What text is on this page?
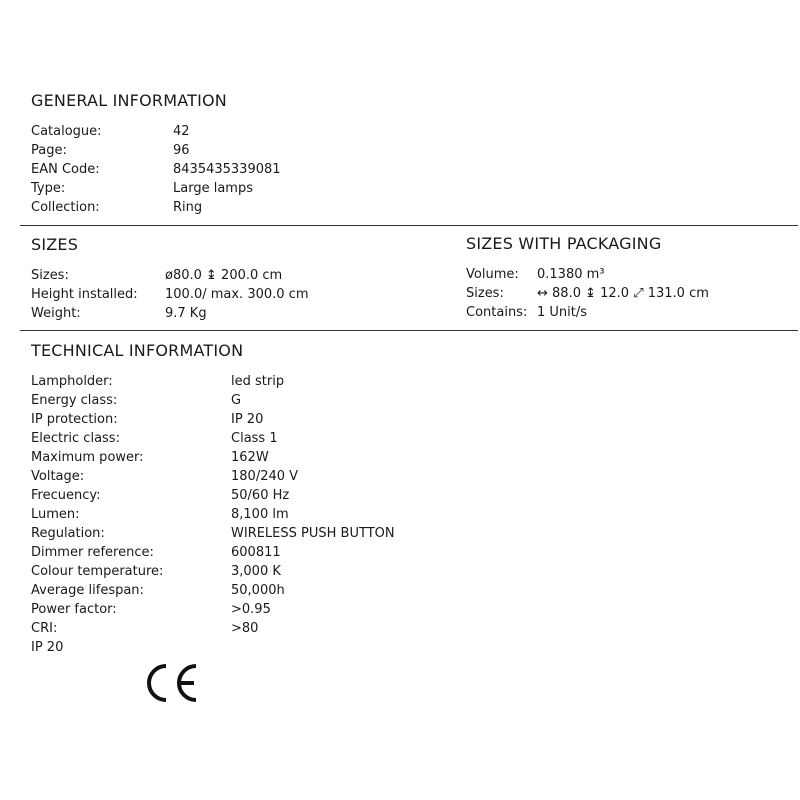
GENERAL INFORMATION
Catalogue:	42
Page:	96
EAN Code:	8435435339081
Type:	Large lamps
Collection:	Ring
SIZES
Sizes:	ø80.0 ↨ 200.0 cm
Height installed: 100.0/ max. 300.0 cm
Weight:	9.7 Kg
SIZES WITH PACKAGING
Volume: 0.1380 m³
Sizes:	↔ 88.0 ↨ 12.0 ⤢ 131.0 cm
Contains: 1 Unit/s
TECHNICAL INFORMATION
Lampholder:	led strip
Energy class:	G
IP protection:	IP 20
Electric class:	Class 1
Maximum power:	162W
Voltage:	180/240 V
Frecuency:	50/60 Hz
Lumen:	8,100 lm
Regulation:	WIRELESS PUSH BUTTON
Dimmer reference:	600811
Colour temperature:	3,000 K
Average lifespan:	50,000h
Power factor:	>0.95
CRI:	>80
IP 20
